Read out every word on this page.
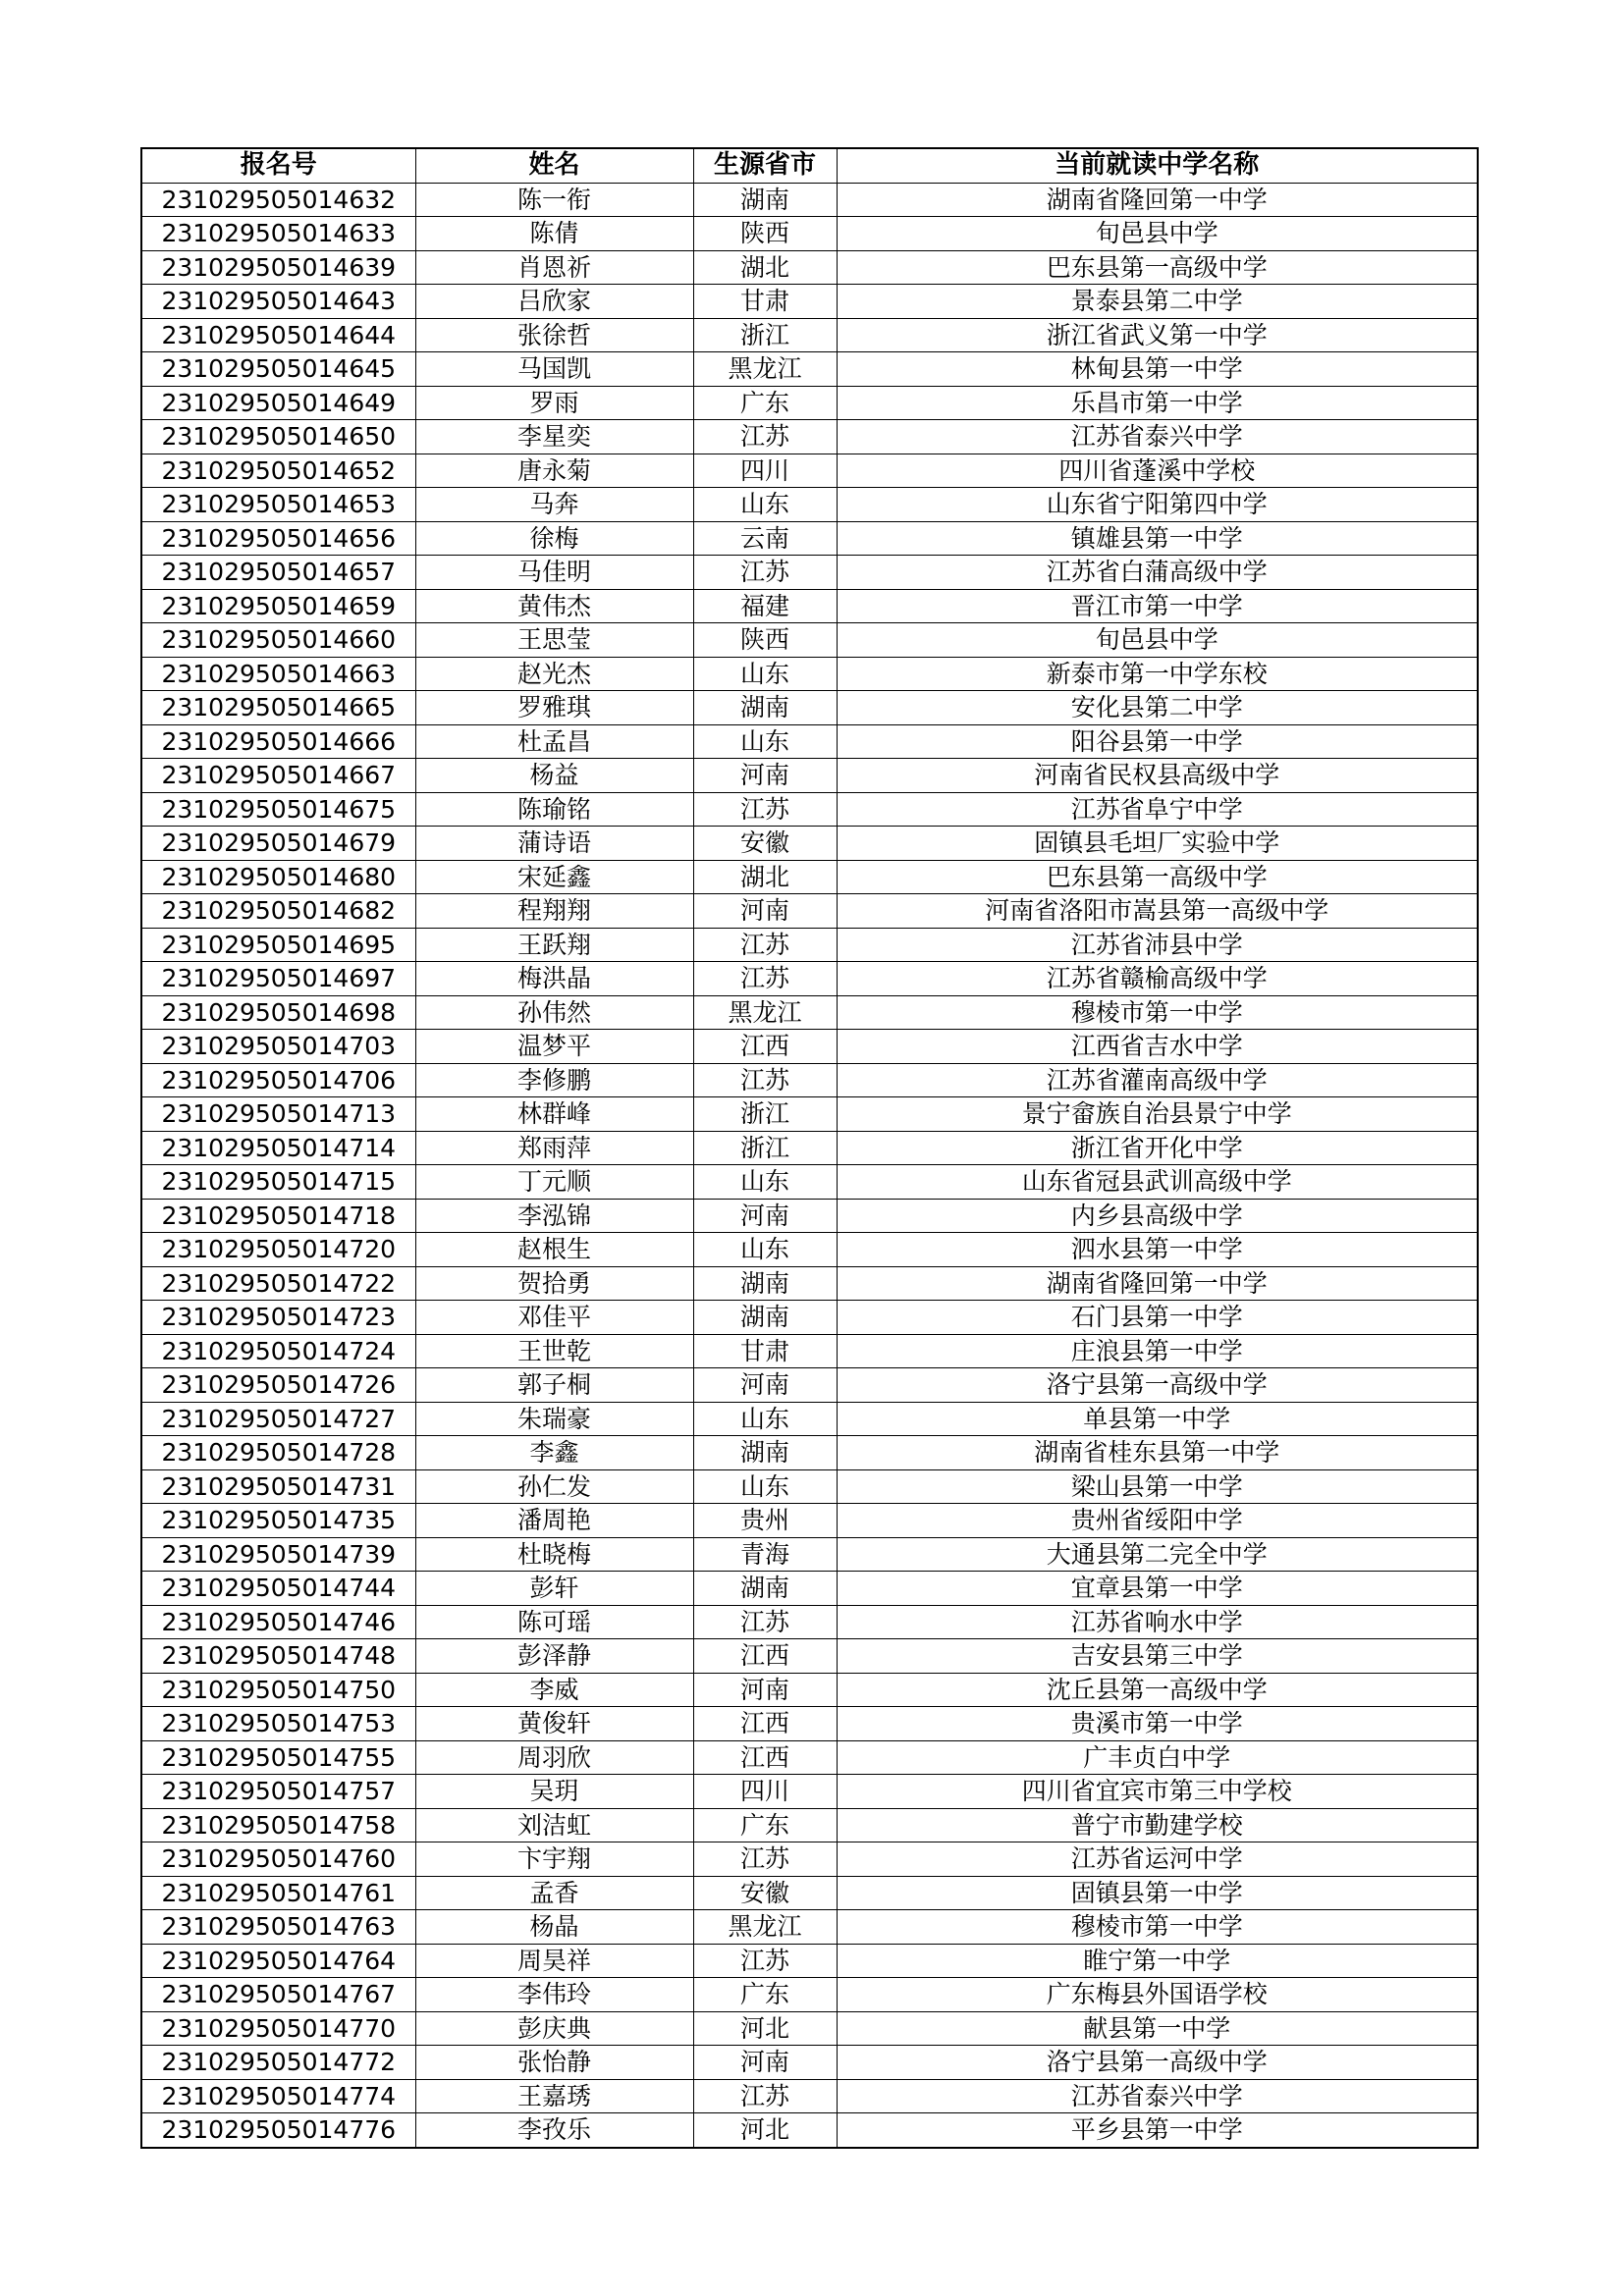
报名号	姓名	生源省市	当前就读中学名称
231029505014632	陈一衔	湖南	湖南省隆回第一中学
231029505014633	陈倩	陕西	旬邑县中学
231029505014639	肖恩祈	湖北	巴东县第一高级中学
231029505014643	吕欣家	甘肃	景泰县第二中学
231029505014644	张徐哲	浙江	浙江省武义第一中学
231029505014645	马国凯	黑龙江	林甸县第一中学
231029505014649	罗雨	广东	乐昌市第一中学
231029505014650	李星奕	江苏	江苏省泰兴中学
231029505014652	唐永菊	四川	四川省蓬溪中学校
231029505014653	马奔	山东	山东省宁阳第四中学
231029505014656	徐梅	云南	镇雄县第一中学
231029505014657	马佳明	江苏	江苏省白蒲高级中学
231029505014659	黄伟杰	福建	晋江市第一中学
231029505014660	王思莹	陕西	旬邑县中学
231029505014663	赵光杰	山东	新泰市第一中学东校
231029505014665	罗雅琪	湖南	安化县第二中学
231029505014666	杜孟昌	山东	阳谷县第一中学
231029505014667	杨益	河南	河南省民权县高级中学
231029505014675	陈瑜铭	江苏	江苏省阜宁中学
231029505014679	蒲诗语	安徽	固镇县毛坦厂实验中学
231029505014680	宋延鑫	湖北	巴东县第一高级中学
231029505014682	程翔翔	河南	河南省洛阳市嵩县第一高级中学
231029505014695	王跃翔	江苏	江苏省沛县中学
231029505014697	梅洪晶	江苏	江苏省赣榆高级中学
231029505014698	孙伟然	黑龙江	穆棱市第一中学
231029505014703	温梦平	江西	江西省吉水中学
231029505014706	李修鹏	江苏	江苏省灌南高级中学
231029505014713	林群峰	浙江	景宁畲族自治县景宁中学
231029505014714	郑雨萍	浙江	浙江省开化中学
231029505014715	丁元顺	山东	山东省冠县武训高级中学
231029505014718	李泓锦	河南	内乡县高级中学
231029505014720	赵根生	山东	泗水县第一中学
231029505014722	贺拾勇	湖南	湖南省隆回第一中学
231029505014723	邓佳平	湖南	石门县第一中学
231029505014724	王世乾	甘肃	庄浪县第一中学
231029505014726	郭子桐	河南	洛宁县第一高级中学
231029505014727	朱瑞豪	山东	单县第一中学
231029505014728	李鑫	湖南	湖南省桂东县第一中学
231029505014731	孙仁发	山东	梁山县第一中学
231029505014735	潘周艳	贵州	贵州省绥阳中学
231029505014739	杜晓梅	青海	大通县第二完全中学
231029505014744	彭轩	湖南	宜章县第一中学
231029505014746	陈可瑶	江苏	江苏省响水中学
231029505014748	彭泽静	江西	吉安县第三中学
231029505014750	李威	河南	沈丘县第一高级中学
231029505014753	黄俊轩	江西	贵溪市第一中学
231029505014755	周羽欣	江西	广丰贞白中学
231029505014757	吴玥	四川	四川省宜宾市第三中学校
231029505014758	刘洁虹	广东	普宁市勤建学校
231029505014760	卞宇翔	江苏	江苏省运河中学
231029505014761	孟香	安徽	固镇县第一中学
231029505014763	杨晶	黑龙江	穆棱市第一中学
231029505014764	周昊祥	江苏	睢宁第一中学
231029505014767	李伟玲	广东	广东梅县外国语学校
231029505014770	彭庆典	河北	献县第一中学
231029505014772	张怡静	河南	洛宁县第一高级中学
231029505014774	王嘉琇	江苏	江苏省泰兴中学
231029505014776	李孜乐	河北	平乡县第一中学
